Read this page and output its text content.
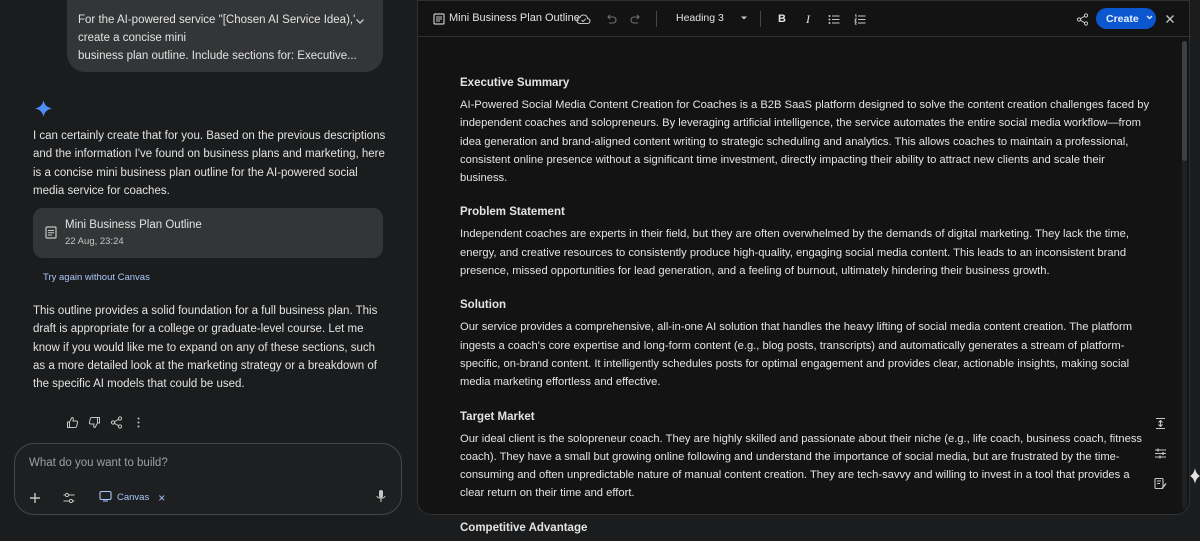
For the AI-powered service "[Chosen AI Service Idea),'
create a concise mini
business plan outline. Include sections for: Executive...

I can certainly create that for you. Based on the previous descriptions and the information I've found on business plans and marketing, here is a concise mini business plan outline for the AI-powered social media service for coaches.

Mini Business Plan Outline
22 Aug, 23:24
Try again without Canvas

This outline provides a solid foundation for a full business plan. This draft is appropriate for a college or graduate-level course. Let me know if you would like me to expand on any of these sections, such as a more detailed look at the marketing strategy or a breakdown of the specific AI models that could be used.

What do you want to build?
Canvas ×
Mini Business Plan Outline	Heading 3	B	I	Create
Executive Summary

AI-Powered Social Media Content Creation for Coaches is a B2B SaaS platform designed to solve the content creation challenges faced by independent coaches and solopreneurs. By leveraging artificial intelligence, the service automates the entire social media workflow—from idea generation and brand-aligned content writing to strategic scheduling and analytics. This allows coaches to maintain a professional, consistent online presence without a significant time investment, directly impacting their ability to attract new clients and scale their business.

Problem Statement

Independent coaches are experts in their field, but they are often overwhelmed by the demands of digital marketing. They lack the time, energy, and creative resources to consistently produce high-quality, engaging social media content. This leads to an inconsistent brand presence, missed opportunities for lead generation, and a feeling of burnout, ultimately hindering their business growth.

Solution

Our service provides a comprehensive, all-in-one AI solution that handles the heavy lifting of social media content creation. The platform ingests a coach's core expertise and long-form content (e.g., blog posts, transcripts) and automatically generates a stream of platform-specific, on-brand content. It intelligently schedules posts for optimal engagement and provides clear, actionable insights, making social media marketing effortless and effective.

Target Market

Our ideal client is the solopreneur coach. They are highly skilled and passionate about their niche (e.g., life coach, business coach, fitness coach). They have a small but growing online following and understand the importance of social media, but are frustrated by the time-consuming and often unpredictable nature of manual content creation. They are tech-savvy and willing to invest in a tool that provides a clear return on their time and effort.

Competitive Advantage
